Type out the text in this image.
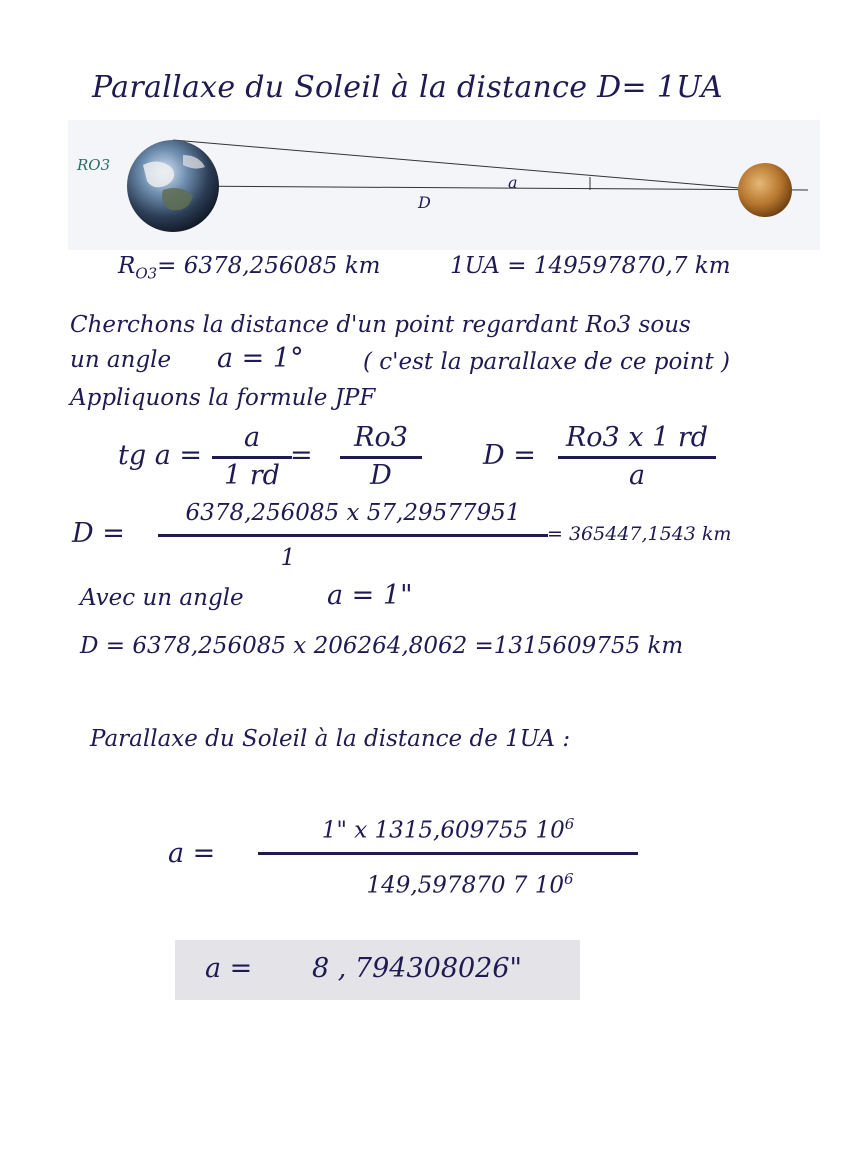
Parallaxe du Soleil à la distance D= 1UA
RO3
a
D
$R_{O3}= 6378,256085$ km	1UA = 149597870,7 km
Cherchons la distance d'un point regardant Ro3 sous
un angle a = 1°	( c'est la parallaxe de ce point )
Appliquons la formule JPF
tg a =
a
1 rd
=
Ro3
D
D =
Ro3 x 1 rd
a
D =
6378,256085 x 57,29577951
1
= 365447,1543 km
Avec un angle	a = 1"
D = 6378,256085 x 206264,8062 =1315609755 km
Parallaxe du Soleil à la distance de 1UA :
a =
1" x 1315,609755 $10^6$
149,597870 7 $10^6$
a = 8 , 794308026"
